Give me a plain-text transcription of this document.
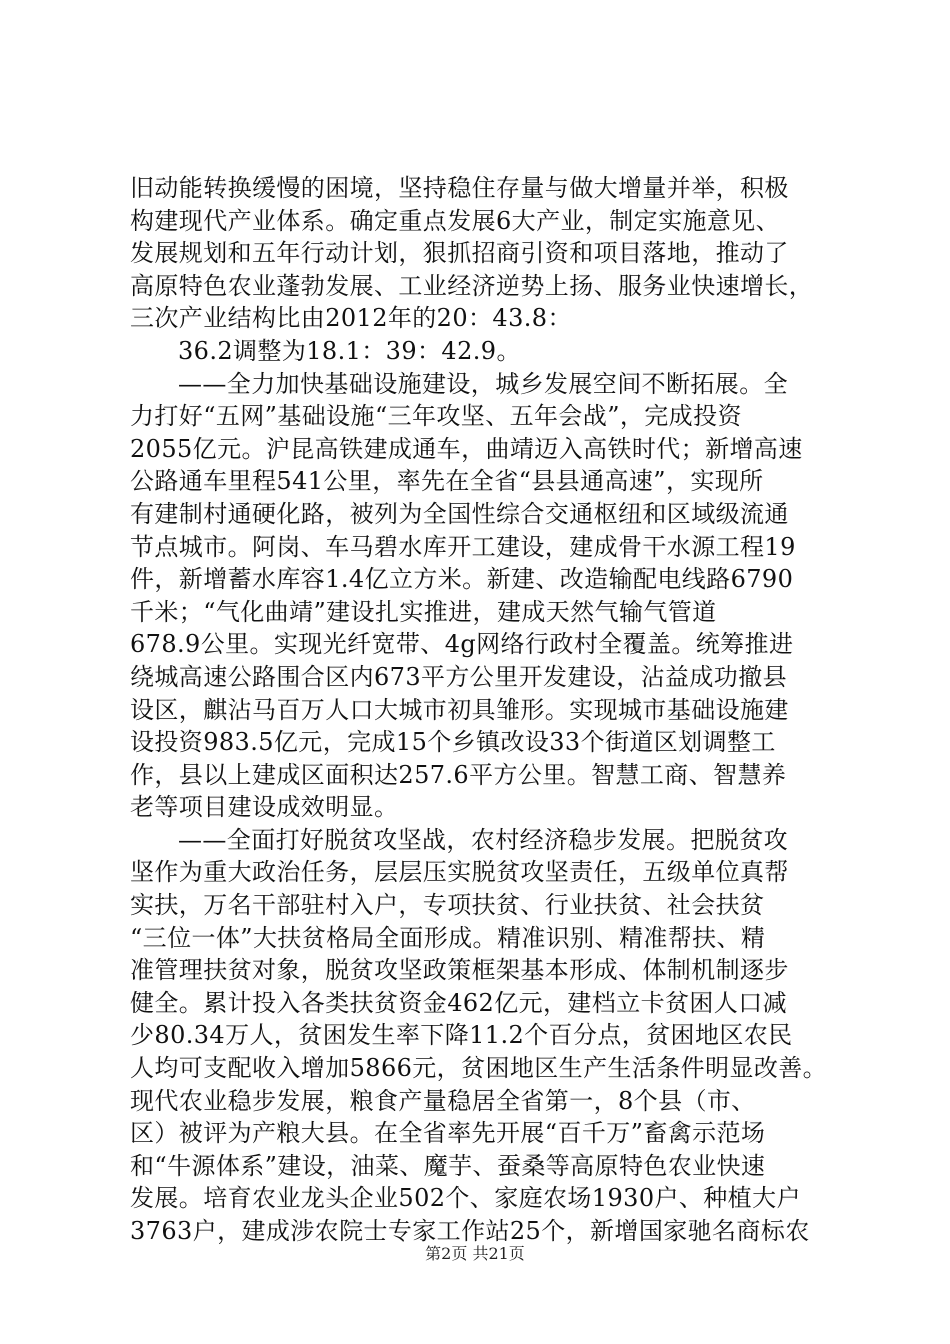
旧动能转换缓慢的困境，坚持稳住存量与做大增量并举，积极
构建现代产业体系。确定重点发展6大产业，制定实施意见、
发展规划和五年行动计划，狠抓招商引资和项目落地，推动了
高原特色农业蓬勃发展、工业经济逆势上扬、服务业快速增长，
三次产业结构比由2012年的20：43.8：
36.2调整为18.1：39：42.9。
——全力加快基础设施建设，城乡发展空间不断拓展。全
力打好“五网”基础设施“三年攻坚、五年会战”，完成投资
2055亿元。沪昆高铁建成通车，曲靖迈入高铁时代；新增高速
公路通车里程541公里，率先在全省“县县通高速”，实现所
有建制村通硬化路，被列为全国性综合交通枢纽和区域级流通
节点城市。阿岗、车马碧水库开工建设，建成骨干水源工程19
件，新增蓄水库容1.4亿立方米。新建、改造输配电线路6790
千米；“气化曲靖”建设扎实推进，建成天然气输气管道
678.9公里。实现光纤宽带、4g网络行政村全覆盖。统筹推进
绕城高速公路围合区内673平方公里开发建设，沾益成功撤县
设区，麒沾马百万人口大城市初具雏形。实现城市基础设施建
设投资983.5亿元，完成15个乡镇改设33个街道区划调整工
作，县以上建成区面积达257.6平方公里。智慧工商、智慧养
老等项目建设成效明显。
——全面打好脱贫攻坚战，农村经济稳步发展。把脱贫攻
坚作为重大政治任务，层层压实脱贫攻坚责任，五级单位真帮
实扶，万名干部驻村入户，专项扶贫、行业扶贫、社会扶贫
“三位一体”大扶贫格局全面形成。精准识别、精准帮扶、精
准管理扶贫对象，脱贫攻坚政策框架基本形成、体制机制逐步
健全。累计投入各类扶贫资金462亿元，建档立卡贫困人口减
少80.34万人，贫困发生率下降11.2个百分点，贫困地区农民
人均可支配收入增加5866元，贫困地区生产生活条件明显改善。
现代农业稳步发展，粮食产量稳居全省第一，8个县（市、
区）被评为产粮大县。在全省率先开展“百千万”畜禽示范场
和“牛源体系”建设，油菜、魔芋、蚕桑等高原特色农业快速
发展。培育农业龙头企业502个、家庭农场1930户、种植大户
3763户，建成涉农院士专家工作站25个，新增国家驰名商标农
第2页 共21页
